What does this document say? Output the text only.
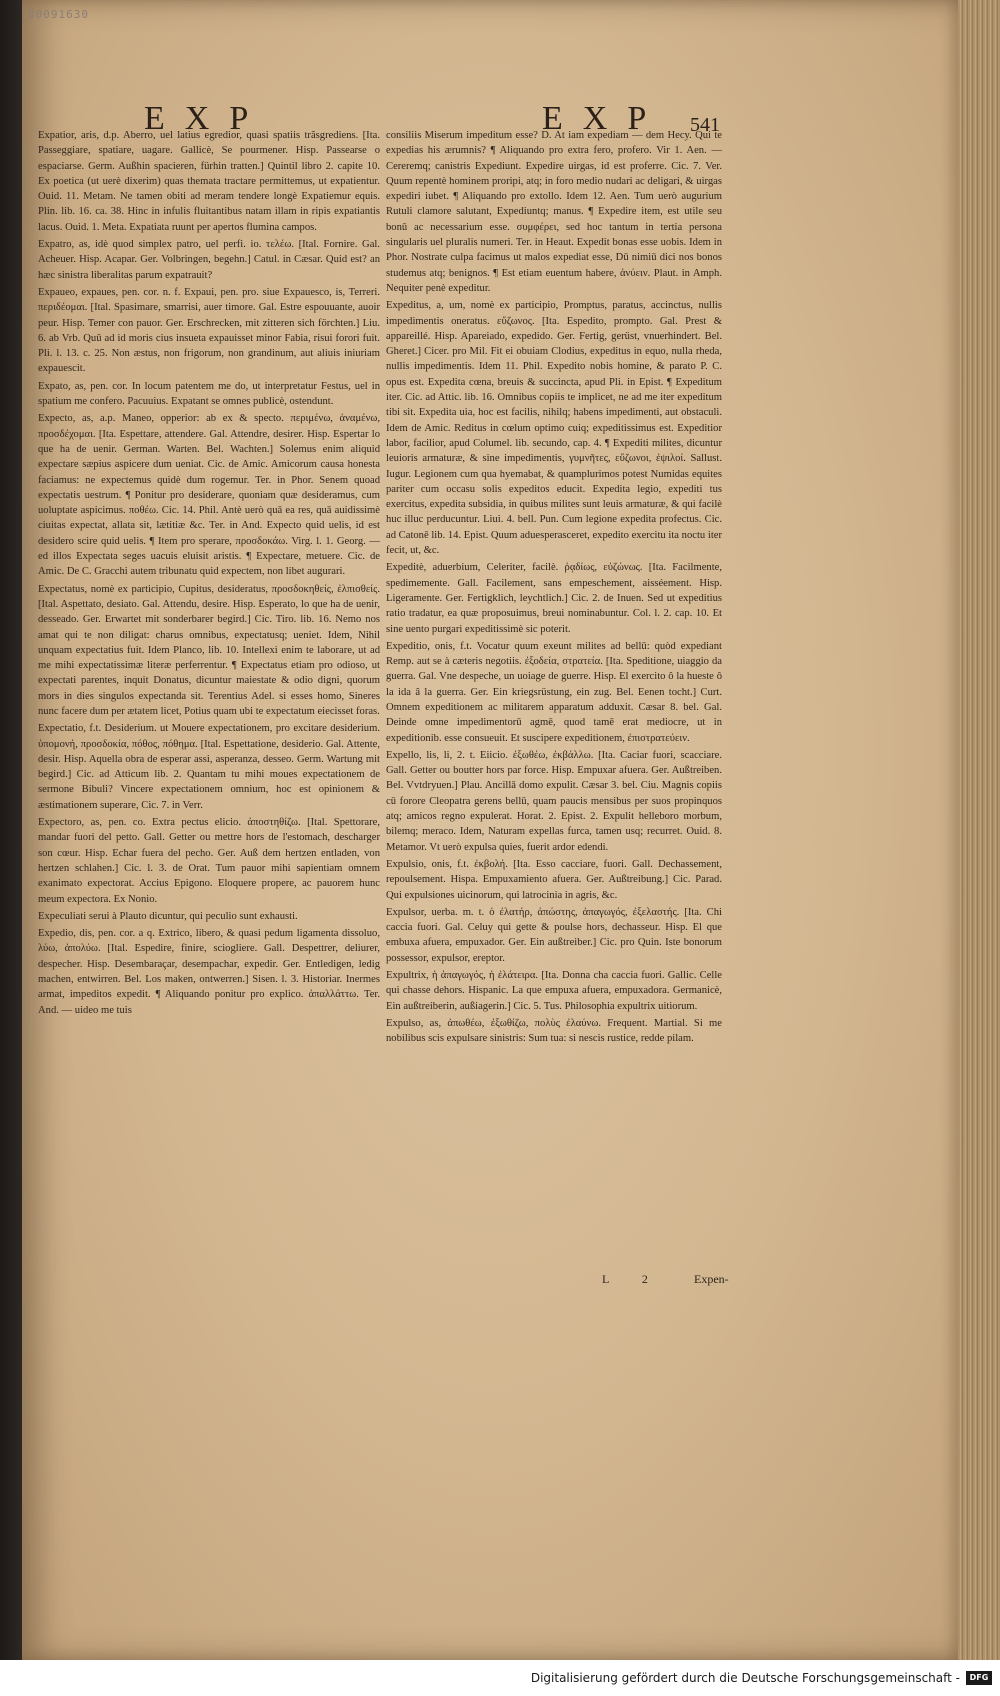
00091630
EXP	EXP 541

Expatior, aris, d.p. Aberro, uel latius egredior, quasi spatiis trãsgrediens. [Ita. Passeggiare, spatiare, uagare. Gallicè, Se pourmener. Hisp. Passearse o espaciarse. Germ. Außhin spacieren, fürhin tratten.] Quintil libro 2. capite 10. Ex poetica (ut uerè dixerim) quas themata tractare permittemus, ut expatientur. Ouid. 11. Metam. Ne tamen obiti ad meram tendere longè Expatiemur equis. Plin. lib. 16. ca. 38. Hinc in infulis fluitantibus natam illam in ripis expatiantis lacus. Ouid. 1. Meta. Expatiata ruunt per apertos flumina campos.

Expatro, as, idè quod simplex patro, uel perfi. io. τελέω. [Ital. Fornire. Gal. Acheuer. Hisp. Acapar. Ger. Volbringen, begehn.] Catul. in Cæsar. Quid est? an hæc sinistra liberalitas parum expatrauit?

Expaueo, expaues, pen. cor. n. f. Expaui, pen. pro. siue Expauesco, is, Terreri. περιδέομαι. [Ital. Spasimare, smarrisi, auer timore. Gal. Estre espouuante, auoir peur. Hisp. Temer con pauor. Ger. Erschrecken, mit zitteren sich förchten.] Liu. 6. ab Vrb. Quū ad id moris cius insueta expauisset minor Fabia, risui forori fuit. Pli. l. 13. c. 25. Non æstus, non frigorum, non grandinum, aut aliuis iniuriam expauescit.

Expato, as, pen. cor. In locum patentem me do, ut interpretatur Festus, uel in spatium me confero. Pacuuius. Expatant se omnes publicè, ostendunt.

Expecto, as, a.p. Maneo, opperior: ab ex & specto. περιμένω, ἀναμένω, προσδέχομαι. [Ita. Espettare, attendere. Gal. Attendre, desirer. Hisp. Espertar lo que ha de uenir. German. Warten. Bel. Wachten.] Solemus enim aliquid expectare sæpius aspicere dum ueniat. Cic. de Amic. Amicorum causa honesta faciamus: ne expectemus quidè dum rogemur. Ter. in Phor. Senem quoad expectatis uestrum. ¶ Ponitur pro desiderare, quoniam quæ desideramus, cum uoluptate aspicimus. ποθέω. Cic. 14. Phil. Antè uerò quā ea res, quā auidissimè ciuitas expectat, allata sit, lætitiæ &c. Ter. in And. Expecto quid uelis, id est desidero scire quid uelis. ¶ Item pro sperare, προσδοκάω. Virg. l. 1. Georg. — ed illos Expectata seges uacuis eluisit aristis. ¶ Expectare, metuere. Cic. de Amic. De C. Gracchi autem tribunatu quid expectem, non libet augurari.

Expectatus, nomè ex participio, Cupitus, desideratus, προσδοκηθείς, ἐλπισθείς. [Ital. Aspettato, desiato. Gal. Attendu, desire. Hisp. Esperato, lo que ha de uenir, desseado. Ger. Erwartet mit sonderbarer begird.] Cic. Tiro. lib. 16. Nemo nos amat qui te non diligat: charus omnibus, expectatusq; ueniet. Idem, Nihil unquam expectatius fuit. Idem Planco, lib. 10. Intellexi enim te laborare, ut ad me mihi expectatissimæ literæ perferrentur. ¶ Expectatus etiam pro odioso, ut expectati parentes, inquit Donatus, dicuntur maiestate & odio digni, quorum mors in dies singulos expectanda sit. Terentius Adel. si esses homo, Sineres nunc facere dum per ætatem licet, Potius quam ubi te expectatum eiecisset foras.

Expectatio, f.t. Desiderium. ut Mouere expectationem, pro excitare desiderium. ὑπομονή, προσδοκία, πόθος, πόθημα. [Ital. Espettatione, desiderio. Gal. Attente, desir. Hisp. Aquella obra de esperar assi, asperanza, desseo. Germ. Wartung mit begird.] Cic. ad Atticum lib. 2. Quantam tu mihi moues expectationem de sermone Bibuli? Vincere expectationem omnium, hoc est opinionem & æstimationem superare, Cic. 7. in Verr.

Expectoro, as, pen. co. Extra pectus elicio. ἀποστηθίζω. [Ital. Spettorare, mandar fuori del petto. Gall. Getter ou mettre hors de l'estomach, descharger son cœur. Hisp. Echar fuera del pecho. Ger. Auß dem hertzen entladen, von hertzen schlahen.] Cic. l. 3. de Orat. Tum pauor mihi sapientiam omnem exanimato expectorat. Accius Epigono. Eloquere propere, ac pauorem hunc meum expectora. Ex Nonio.

Expeculiati serui à Plauto dicuntur, qui peculio sunt exhausti.

Expedio, dis, pen. cor. a q. Extrico, libero, & quasi pedum ligamenta dissoluo, λύω, ἀπολύω. [Ital. Espedire, finire, sciogliere. Gall. Despettrer, deliurer, despecher. Hisp. Desembaraçar, desempachar, expedir. Ger. Entledigen, ledig machen, entwirren. Bel. Los maken, ontwerren.] Sisen. l. 3. Historiar. Inermes armat, impeditos expedit. ¶ Aliquando ponitur pro explico. ἀπαλλάττω. Ter. And. — uideo me tuis

consiliis Miserum impeditum esse? D. At iam expediam — dem Hecy. Qui te expedias his ærumnis? ¶ Aliquando pro extra fero, profero. Vir 1. Aen. — Cereremq; canistris Expediunt. Expedire uirgas, id est proferre. Cic. 7. Ver. Quum repentè hominem proripi, atq; in foro medio nudari ac deligari, & uirgas expediri iubet. ¶ Aliquando pro extollo. Idem 12. Aen. Tum uerò augurium Rutuli clamore salutant, Expediuntq; manus. ¶ Expedire item, est utile seu bonū ac necessarium esse. συμφέρει, sed hoc tantum in tertia persona singularis uel pluralis numeri. Ter. in Heaut. Expedit bonas esse uobis. Idem in Phor. Nostrate culpa facimus ut malos expediat esse, Dū nimiū dici nos bonos studemus atq; benignos. ¶ Est etiam euentum habere, ἀνύειν. Plaut. in Amph. Nequiter penè expeditur.

Expeditus, a, um, nomè ex participio, Promptus, paratus, accinctus, nullis impedimentis oneratus. εὔζωνος. [Ita. Espedito, prompto. Gal. Prest & appareillé. Hisp. Apareiado, expedido. Ger. Fertig, gerüst, vnuerhindert. Bel. Gheret.] Cicer. pro Mil. Fit ei obuiam Clodius, expeditus in equo, nulla rheda, nullis impedimentis. Idem 11. Phil. Expedito nobis homine, & parato P. C. opus est. Expedita cœna, breuis & succincta, apud Pli. in Epist. ¶ Expeditum iter. Cic. ad Attic. lib. 16. Omnibus copiis te implicet, ne ad me iter expeditum tibi sit. Expedita uia, hoc est facilis, nihilq; habens impedimenti, aut obstaculi. Idem de Amic. Reditus in cœlum optimo cuiq; expeditissimus est. Expeditior labor, facilior, apud Columel. lib. secundo, cap. 4. ¶ Expediti milites, dicuntur leuioris armaturæ, & sine impedimentis, γυμνῆτες, εὔζωνοι, ἐψιλοί. Sallust. Iugur. Legionem cum qua hyemabat, & quamplurimos potest Numidas equites pariter cum occasu solis expeditos educit. Expedita legio, expediti tus exercitus, expedita subsidia, in quibus milites sunt leuis armaturæ, & qui facilè huc illuc perducuntur. Liui. 4. bell. Pun. Cum legione expedita profectus. Cic. ad Catonē lib. 14. Epist. Quum aduesperasceret, expedito exercitu ita noctu iter fecit, ut, &c.

Expeditè, aduerbium, Celeriter, facilè. ῥᾳδίως, εὐζώνως. [Ita. Facilmente, spedimemente. Gall. Facilement, sans empeschement, aisséement. Hisp. Ligeramente. Ger. Fertigklich, leychtlich.] Cic. 2. de Inuen. Sed ut expeditius ratio tradatur, ea quæ proposuimus, breui nominabuntur. Col. l. 2. cap. 10. Et sine uento purgari expeditissimè sic poterit.

Expeditio, onis, f.t. Vocatur quum exeunt milites ad bellū: quòd expediant Remp. aut se à cæteris negotiis. ἐξοδεία, στρατεία. [Ita. Speditione, uiaggio da guerra. Gal. Vne despeche, un uoiage de guerre. Hisp. El exercito ô la hueste ô la ida â la guerra. Ger. Ein kriegsrüstung, ein zug. Bel. Eenen tocht.] Curt. Omnem expeditionem ac militarem apparatum adduxit. Cæsar 8. bel. Gal. Deinde omne impedimentorū agmē, quod tamē erat mediocre, ut in expeditionib. esse consueuit. Et suscipere expeditionem, ἐπιστρατεύειν.

Expello, lis, li, 2. t. Eiicio. ἐξωθέω, ἐκβάλλω. [Ita. Caciar fuori, scacciare. Gall. Getter ou boutter hors par force. Hisp. Empuxar afuera. Ger. Außtreiben. Bel. Vvtdryuen.] Plau. Ancillā domo expulit. Cæsar 3. bel. Ciu. Magnis copiis cū forore Cleopatra gerens bellū, quam paucis mensibus per suos propinquos atq; amicos regno expulerat. Horat. 2. Epist. 2. Expulit helleboro morbum, bilemq; meraco. Idem, Naturam expellas furca, tamen usq; recurret. Ouid. 8. Metamor. Vt uerò expulsa quies, fuerit ardor edendi.

Expulsio, onis, f.t. ἐκβολή. [Ita. Esso cacciare, fuori. Gall. Dechassement, repoulsement. Hispa. Empuxamiento afuera. Ger. Außtreibung.] Cic. Parad. Qui expulsiones uicinorum, qui latrocinia in agris, &c.

Expulsor, uerba. m. t. ὁ ἐλατήρ, ἀπώστης, ἀπαγωγός, ἐξελαστής. [Ita. Chi caccia fuori. Gal. Celuy qui gette & poulse hors, dechasseur. Hisp. El que embuxa afuera, empuxador. Ger. Ein außtreiber.] Cic. pro Quin. Iste bonorum possessor, expulsor, ereptor.

Expultrix, ἡ ἀπαγωγός, ἡ ἐλάτειρα. [Ita. Donna cha caccia fuori. Gallic. Celle qui chasse dehors. Hispanic. La que empuxa afuera, empuxadora. Germanicè, Ein außtreiberin, außiagerin.] Cic. 5. Tus. Philosophia expultrix uitiorum.

Expulso, as, ἀπωθέω, ἐξωθίζω, πολὺς ἐλαύνω. Frequent. Martial. Si me nobilibus scis expulsare sinistris: Sum tua: si nescis rustice, redde pilam.

L 2	Expen-
Digitalisierung gefördert durch die Deutsche Forschungsgemeinschaft -	DFG
